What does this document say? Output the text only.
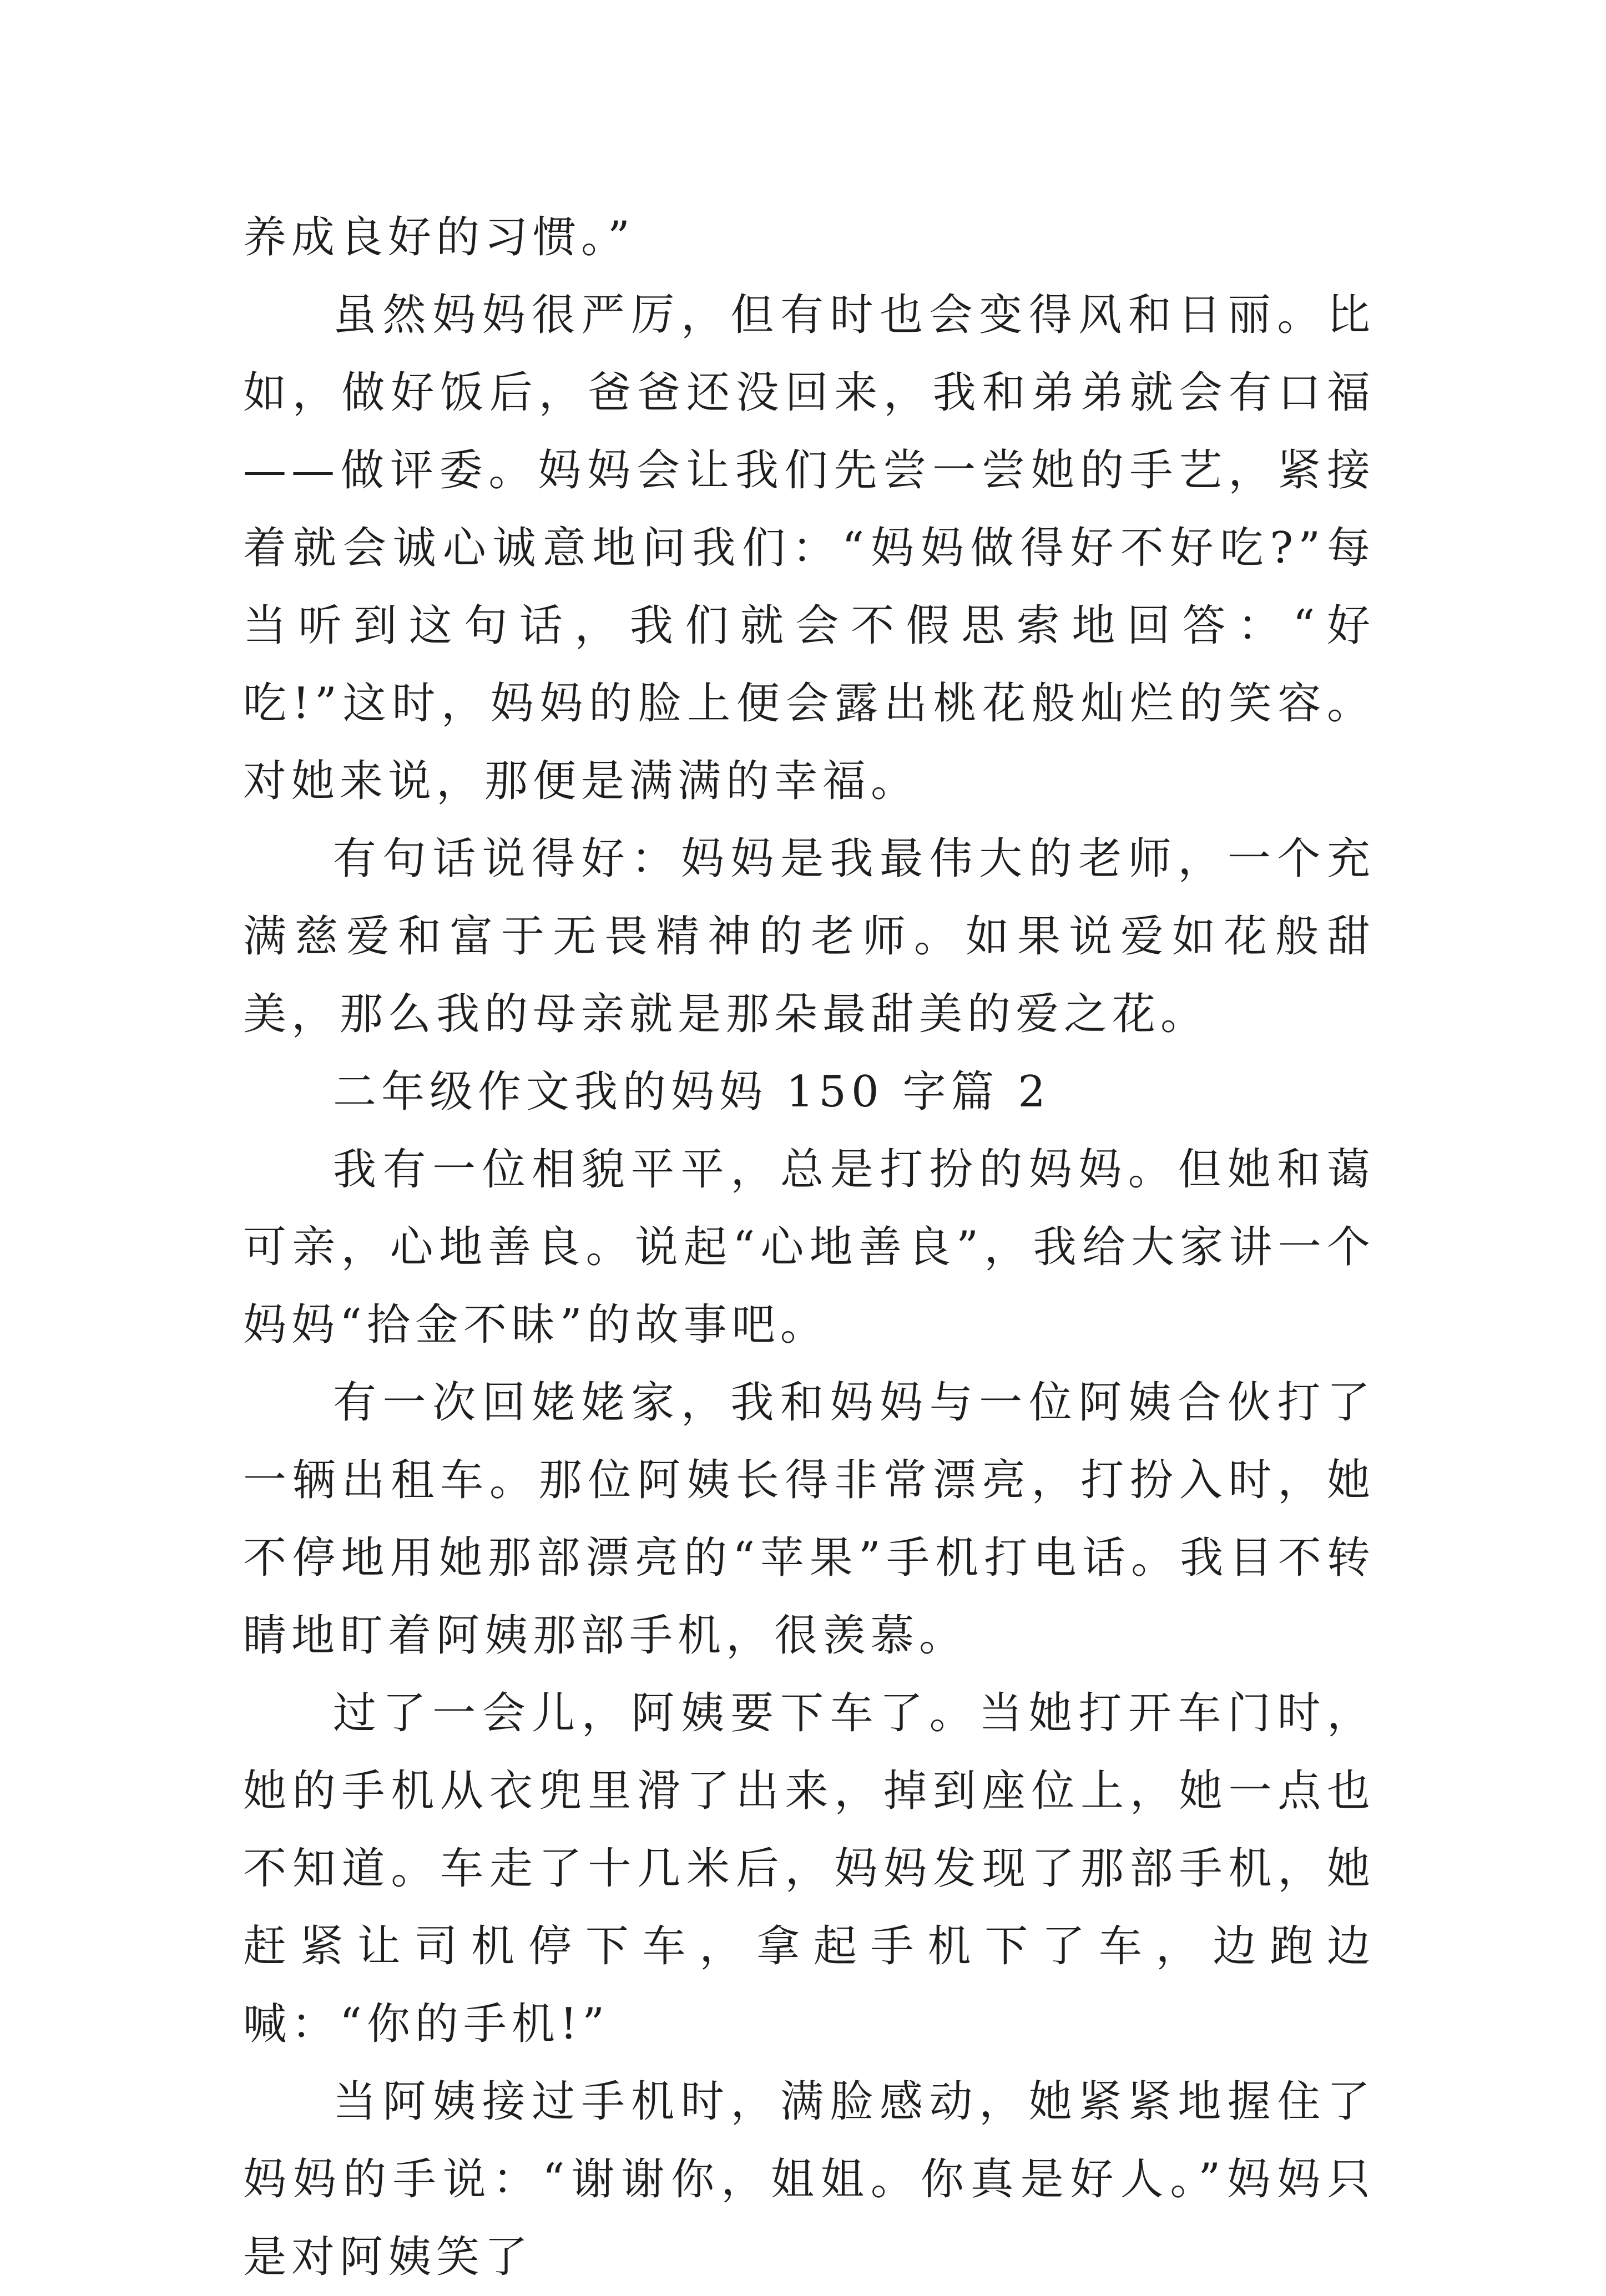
养成良好的习惯。”

虽然妈妈很严厉，但有时也会变得风和日丽。比如，做好饭后，爸爸还没回来，我和弟弟就会有口福——做评委。妈妈会让我们先尝一尝她的手艺，紧接着就会诚心诚意地问我们：“妈妈做得好不好吃?”每当听到这句话，我们就会不假思索地回答：“好吃!”这时，妈妈的脸上便会露出桃花般灿烂的笑容。对她来说，那便是满满的幸福。

有句话说得好：妈妈是我最伟大的老师，一个充满慈爱和富于无畏精神的老师。如果说爱如花般甜美，那么我的母亲就是那朵最甜美的爱之花。

二年级作文我的妈妈 150 字篇 2

我有一位相貌平平，总是打扮的妈妈。但她和蔼可亲，心地善良。说起“心地善良”，我给大家讲一个妈妈“拾金不昧”的故事吧。

有一次回姥姥家，我和妈妈与一位阿姨合伙打了一辆出租车。那位阿姨长得非常漂亮，打扮入时，她不停地用她那部漂亮的“苹果”手机打电话。我目不转睛地盯着阿姨那部手机，很羡慕。

过了一会儿，阿姨要下车了。当她打开车门时，她的手机从衣兜里滑了出来，掉到座位上，她一点也不知道。车走了十几米后，妈妈发现了那部手机，她赶紧让司机停下车，拿起手机下了车，边跑边喊：“你的手机!”

当阿姨接过手机时，满脸感动，她紧紧地握住了妈妈的手说：“谢谢你，姐姐。你真是好人。”妈妈只是对阿姨笑了
